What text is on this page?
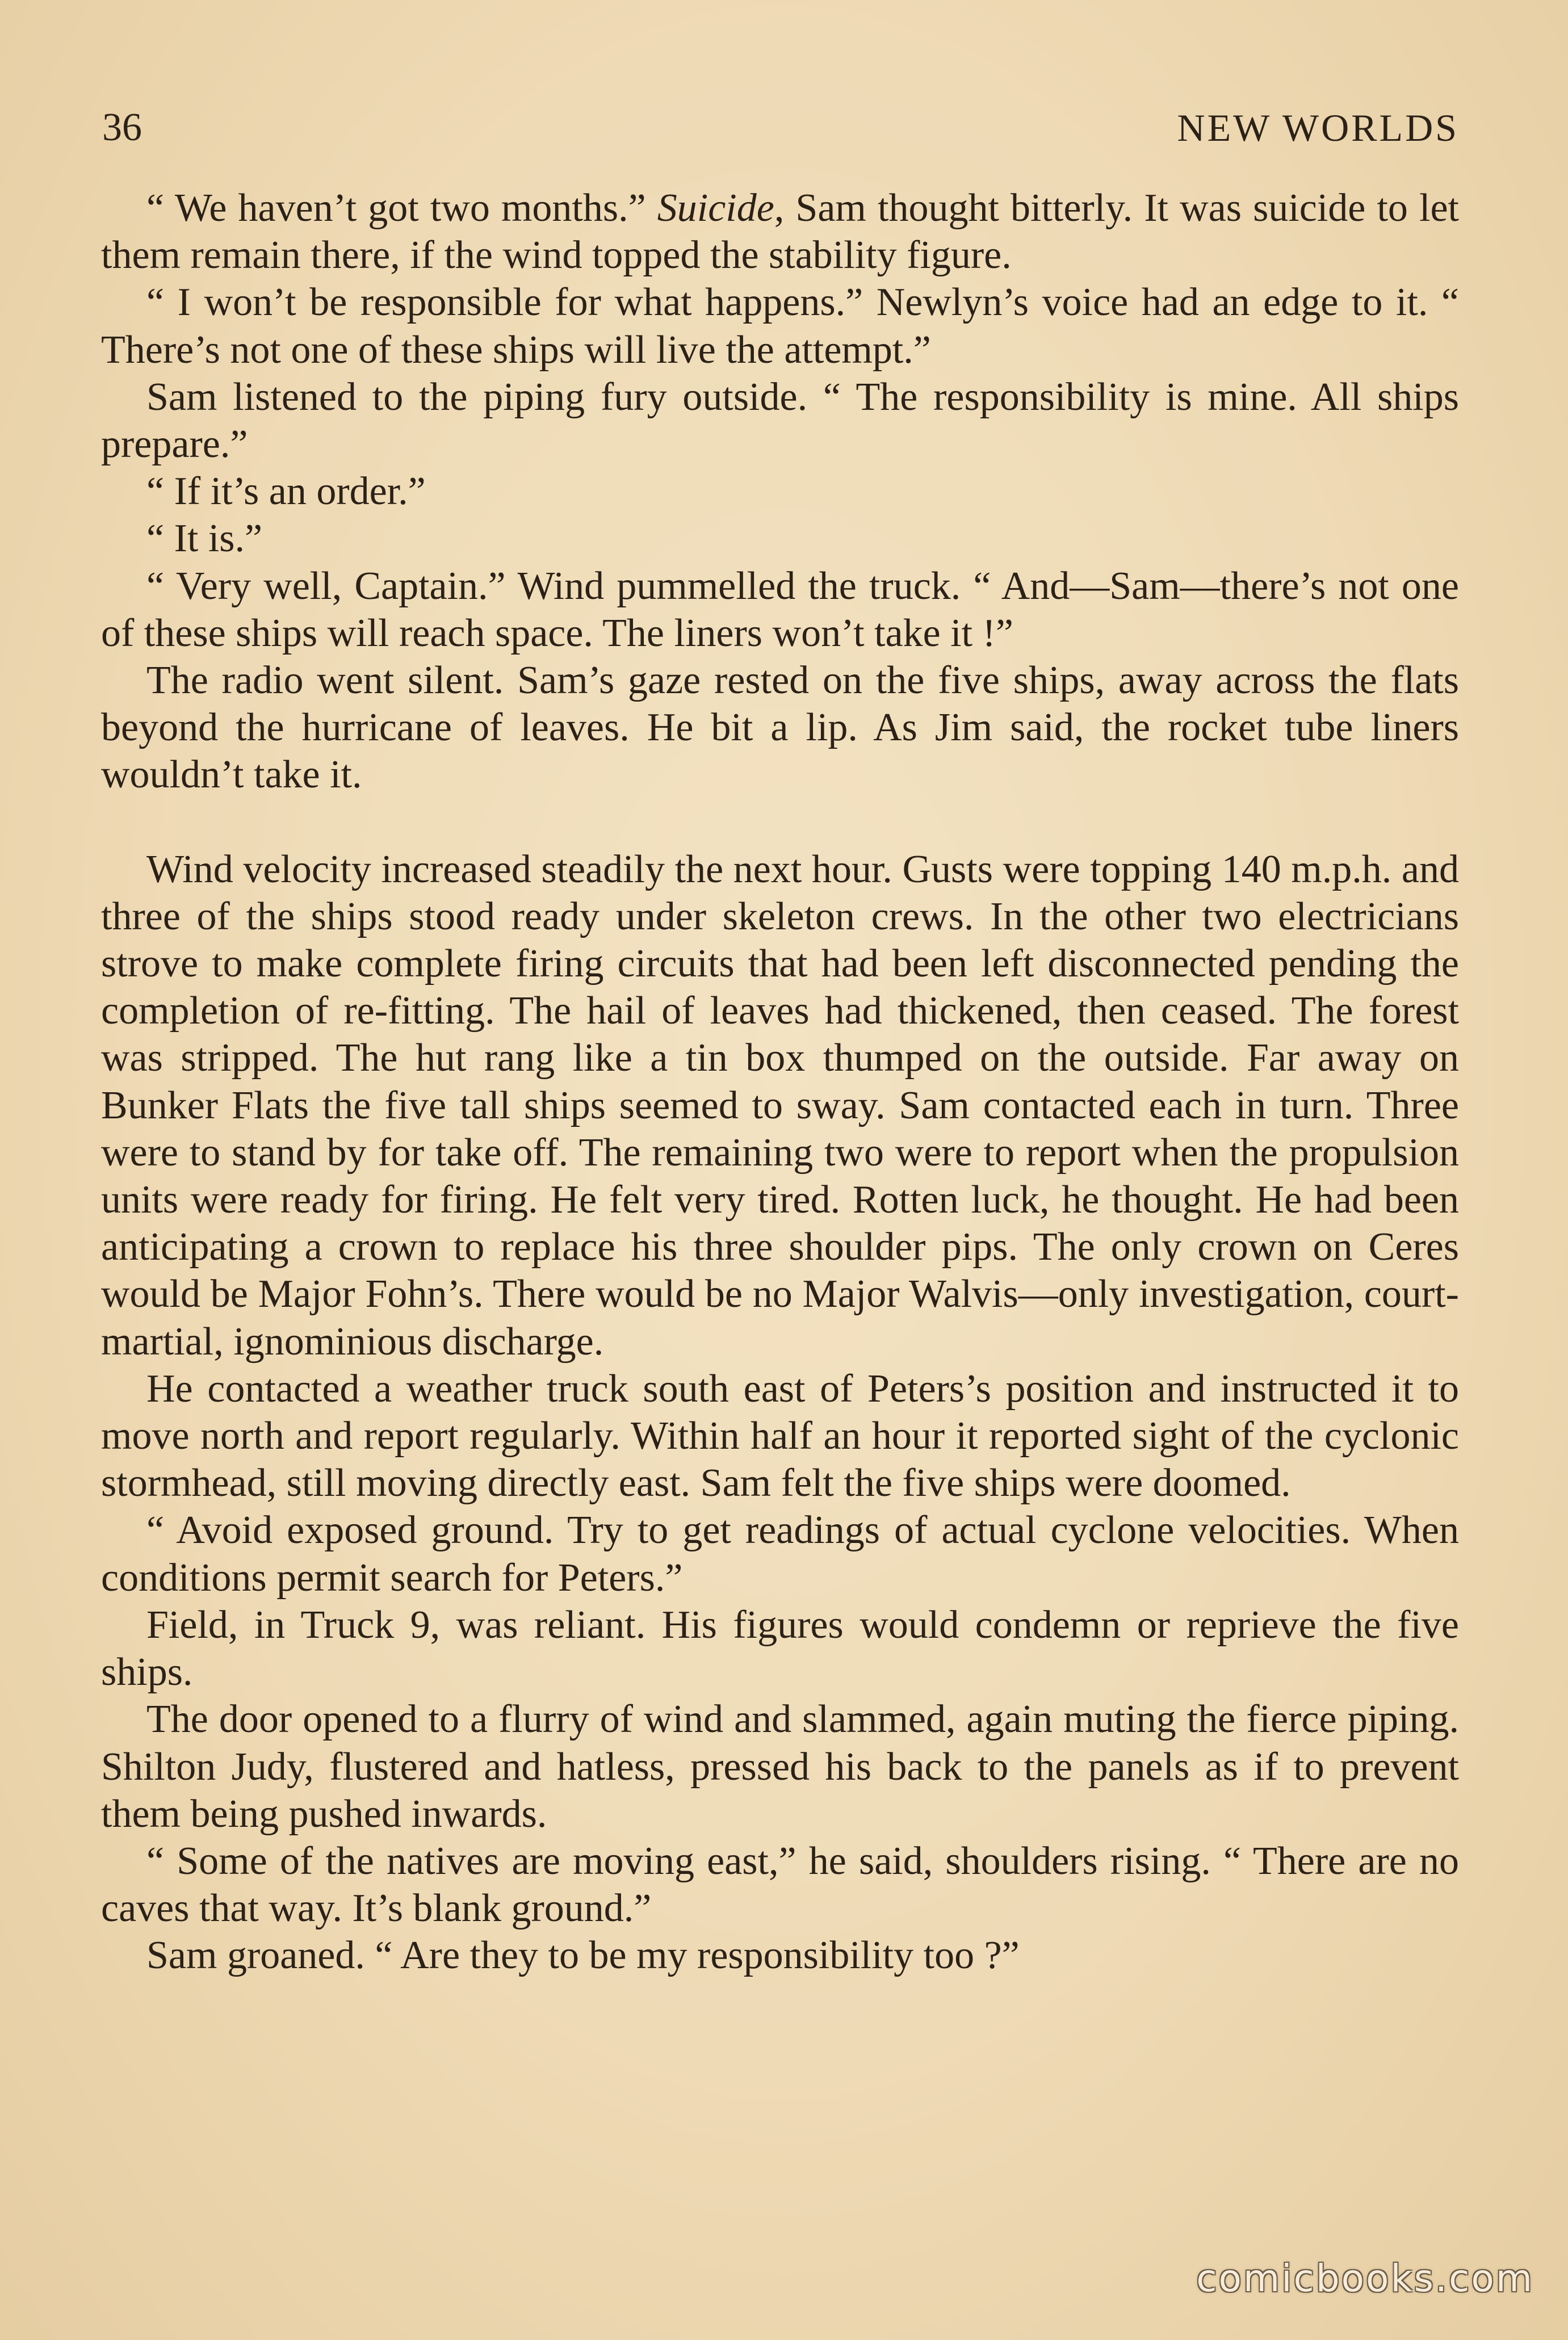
36	NEW WORLDS

“ We haven’t got two months.” Suicide, Sam thought bitterly. It was suicide to let them remain there, if the wind topped the stability figure.

“ I won’t be responsible for what happens.” Newlyn’s voice had an edge to it. “ There’s not one of these ships will live the attempt.”

Sam listened to the piping fury outside. “ The responsibility is mine. All ships prepare.”

“ If it’s an order.”

“ It is.”

“ Very well, Captain.” Wind pummelled the truck. “ And—Sam—there’s not one of these ships will reach space. The liners won’t take it !”

The radio went silent. Sam’s gaze rested on the five ships, away across the flats beyond the hurricane of leaves. He bit a lip. As Jim said, the rocket tube liners wouldn’t take it.

Wind velocity increased steadily the next hour. Gusts were topping 140 m.p.h. and three of the ships stood ready under skeleton crews. In the other two electricians strove to make complete firing circuits that had been left disconnected pending the completion of re-fitting. The hail of leaves had thickened, then ceased. The forest was stripped. The hut rang like a tin box thumped on the outside. Far away on Bunker Flats the five tall ships seemed to sway. Sam contacted each in turn. Three were to stand by for take off. The remaining two were to report when the propulsion units were ready for firing. He felt very tired. Rotten luck, he thought. He had been anticipating a crown to replace his three shoulder pips. The only crown on Ceres would be Major Fohn’s. There would be no Major Walvis—only investigation, court-martial, ignominious discharge.

He contacted a weather truck south east of Peters’s position and instructed it to move north and report regularly. Within half an hour it reported sight of the cyclonic stormhead, still moving directly east. Sam felt the five ships were doomed.

“ Avoid exposed ground. Try to get readings of actual cyclone velocities. When conditions permit search for Peters.”

Field, in Truck 9, was reliant. His figures would condemn or reprieve the five ships.

The door opened to a flurry of wind and slammed, again muting the fierce piping. Shilton Judy, flustered and hatless, pressed his back to the panels as if to prevent them being pushed inwards.

“ Some of the natives are moving east,” he said, shoulders rising. “ There are no caves that way. It’s blank ground.”

Sam groaned. “ Are they to be my responsibility too ?”

comicbooks.com
